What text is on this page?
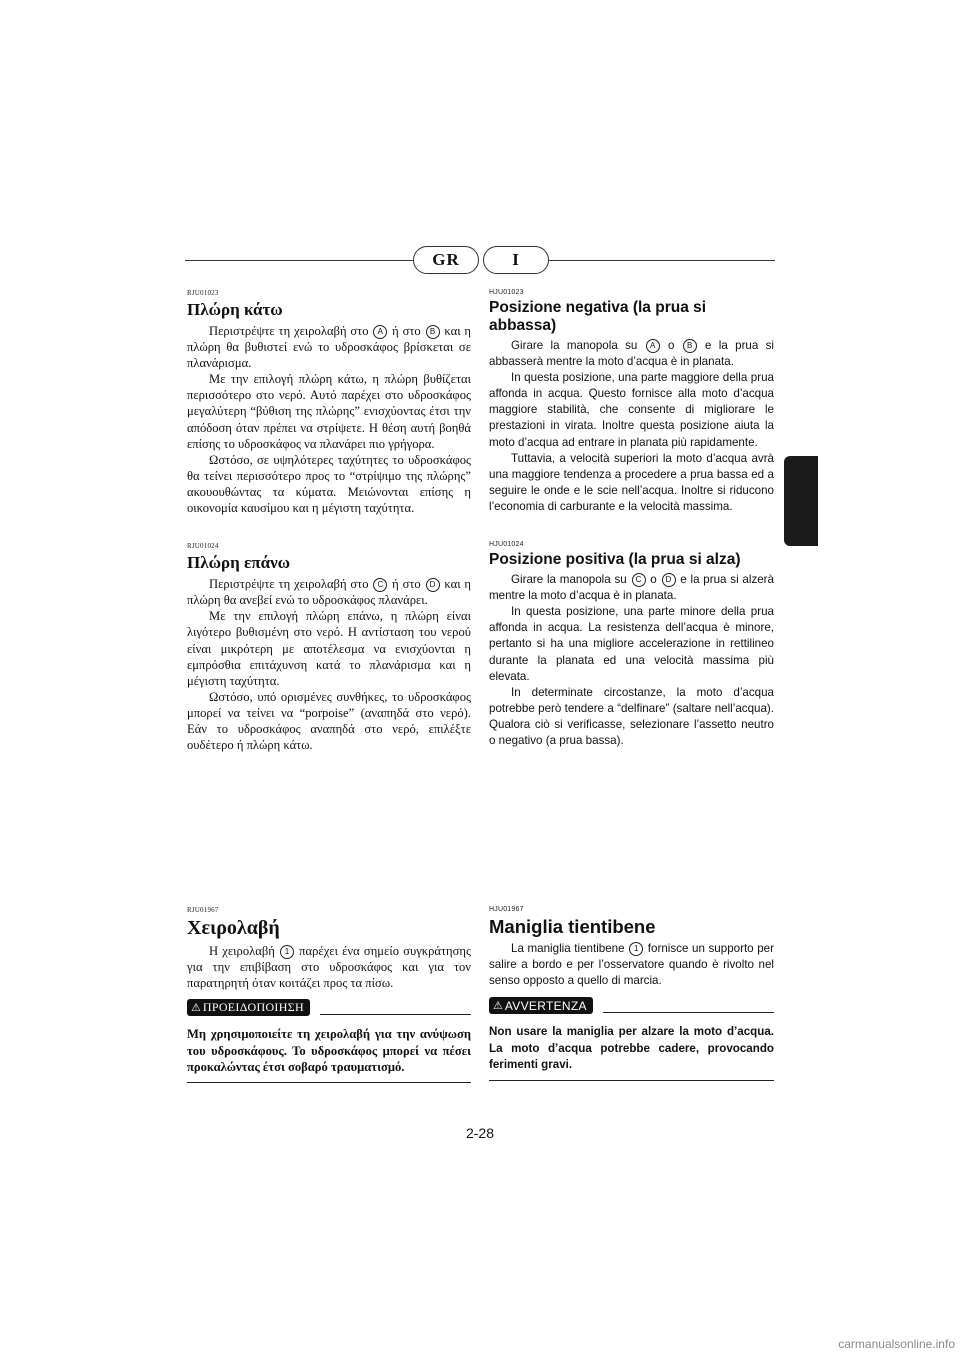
GR	I
RJU01023
Πλώρη κάτω

Περιστρέψτε τη χειρολαβή στο A ή στο B και η πλώρη θα βυθιστεί ενώ το υδροσκάφος βρίσκεται σε πλανάρισμα.

Με την επιλογή πλώρη κάτω, η πλώρη βυθίζεται περισσότερο στο νερό. Αυτό παρέχει στο υδροσκάφος μεγαλύτερη “βύθιση της πλώρης” ενισχύοντας έτσι την απόδοση όταν πρέπει να στρίψετε. Η θέση αυτή βοηθά επίσης το υδροσκάφος να πλανάρει πιο γρήγορα.

Ωστόσο, σε υψηλότερες ταχύτητες το υδροσκάφος θα τείνει περισσότερο προς το “στρίψιμο της πλώρης” ακουουθώντας τα κύματα. Μειώνονται επίσης η οικονομία καυσίμου και η μέγιστη ταχύτητα.

RJU01024
Πλώρη επάνω

Περιστρέψτε τη χειρολαβή στο C ή στο D και η πλώρη θα ανεβεί ενώ το υδροσκάφος πλανάρει.

Με την επιλογή πλώρη επάνω, η πλώρη είναι λιγότερο βυθισμένη στο νερό. Η αντίσταση του νερού είναι μικρότερη με αποτέλεσμα να ενισχύονται η εμπρόσθια επιτάχυνση κατά το πλανάρισμα και η μέγιστη ταχύτητα.

Ωστόσο, υπό ορισμένες συνθήκες, το υδροσκάφος μπορεί να τείνει να “porpoise” (αναπηδά στο νερό). Εάν το υδροσκάφος αναπηδά στο νερό, επιλέξτε ουδέτερο ή πλώρη κάτω.

RJU01967
Χειρολαβή

Η χειρολαβή 1 παρέχει ένα σημείο συγκράτησης για την επιβίβαση στο υδροσκάφος και για τον παρατηρητή όταν κοιτάζει προς τα πίσω.

⚠ ΠΡΟΕΙΔΟΠΟΙΗΣΗ

Μη χρησιμοποιείτε τη χειρολαβή για την ανύψωση του υδροσκάφους. Το υδροσκάφος μπορεί να πέσει προκαλώντας έτσι σοβαρό τραυματισμό.

HJU01023
Posizione negativa (la prua si abbassa)

Girare la manopola su A o B e la prua si abbasserà mentre la moto d’acqua è in planata.

In questa posizione, una parte maggiore della prua affonda in acqua. Questo fornisce alla moto d’acqua maggiore stabilità, che consente di migliorare le prestazioni in virata. Inoltre questa posizione aiuta la moto d’acqua ad entrare in planata più rapidamente.

Tuttavia, a velocità superiori la moto d’acqua avrà una maggiore tendenza a procedere a prua bassa ed a seguire le onde e le scie nell’acqua. Inoltre si riducono l’economia di carburante e la velocità massima.

HJU01024
Posizione positiva (la prua si alza)

Girare la manopola su C o D e la prua si alzerà mentre la moto d’acqua è in planata.

In questa posizione, una parte minore della prua affonda in acqua. La resistenza dell’acqua è minore, pertanto si ha una migliore accelerazione in rettilineo durante la planata ed una velocità massima più elevata.

In determinate circostanze, la moto d’acqua potrebbe però tendere a “delfinare” (saltare nell’acqua). Qualora ciò si verificasse, selezionare l’assetto neutro o negativo (a prua bassa).

HJU01967
Maniglia tientibene

La maniglia tientibene 1 fornisce un supporto per salire a bordo e per l’osservatore quando è rivolto nel senso opposto a quello di marcia.

⚠ AVVERTENZA

Non usare la maniglia per alzare la moto d’acqua. La moto d’acqua potrebbe cadere, provocando ferimenti gravi.

2-28
carmanualsonline.info
